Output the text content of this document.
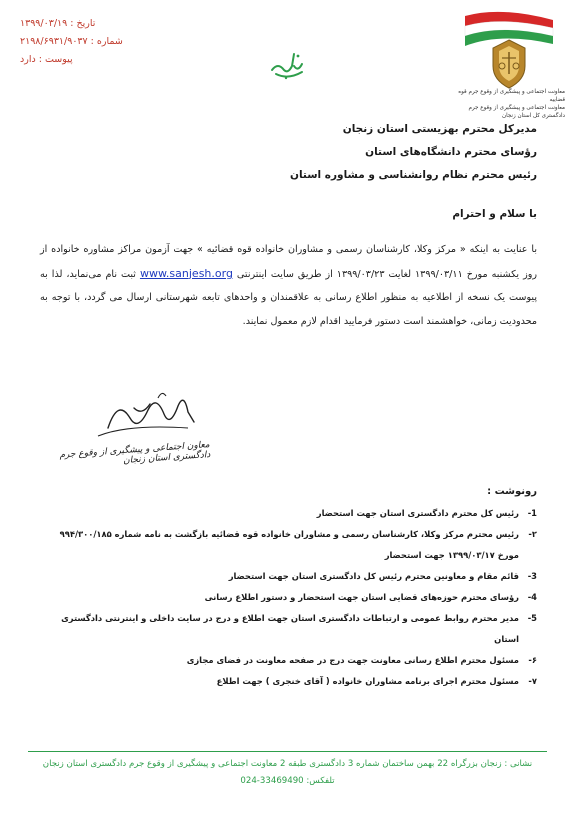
معاونت اجتماعی و پیشگیری از وقوع جرم قوه قضاییه
معاونت اجتماعی و پیشگیری از وقوع جرم دادگستری کل استان زنجان
تاریخ : ۱۳۹۹/۰۳/۱۹
شماره : ۲۱۹۸/۶۹۳۱/۹۰۳۷
پیوست : دارد
مدیرکل محترم بهزیستی استان زنجان
رؤسای محترم دانشگاه‌های استان
رئیس محترم نظام روانشناسی و مشاوره استان
با سلام و احترام
با عنایت به اینکه « مرکز وکلا، کارشناسان رسمی و مشاوران خانواده قوه قضائیه » جهت آزمون مراکز مشاوره خانواده از روز یکشنبه مورخ ۱۳۹۹/۰۳/۱۱ لغایت ۱۳۹۹/۰۳/۲۳ از طریق سایت اینترنتی www.sanjesh.org ثبت نام می‌نماید، لذا به پیوست یک نسخه از اطلاعیه به منظور اطلاع رسانی به علاقمندان و واحدهای تابعه شهرستانی ارسال می گردد، با توجه به محدودیت زمانی، خواهشمند است دستور فرمایید اقدام لازم معمول نمایند.
معاون اجتماعی و پیشگیری از وقوع جرم دادگستری استان زنجان
رونوشت :
-1
رئیس کل محترم دادگستری استان جهت استحضار
-۲
رئیس محترم مرکز وکلا، کارشناسان رسمی و مشاوران خانواده قوه قضائیه بازگشت به نامه شماره ۹۹۴/۳۰۰/۱۸۵ مورخ ۱۳۹۹/۰۳/۱۷ جهت استحضار
-3
قائم مقام و معاونین محترم رئیس کل دادگستری استان جهت استحضار
-4
رؤسای محترم حوزه‌های قضایی استان جهت استحضار و دستور اطلاع رسانی
-5
مدیر محترم روابط عمومی و ارتباطات دادگستری استان جهت اطلاع و درج در سایت داخلی و اینترنتی دادگستری استان
-۶
مسئول محترم اطلاع رسانی معاونت جهت درج در صفحه معاونت در فضای مجازی
-۷
مسئول محترم اجرای برنامه مشاوران خانواده ( آقای خنجری ) جهت اطلاع
نشانی : زنجان بزرگراه 22 بهمن ساختمان شماره 3 دادگستری طبقه 2 معاونت اجتماعی و پیشگیری از وقوع جرم دادگستری استان زنجان
تلفکس: 024-33469490
